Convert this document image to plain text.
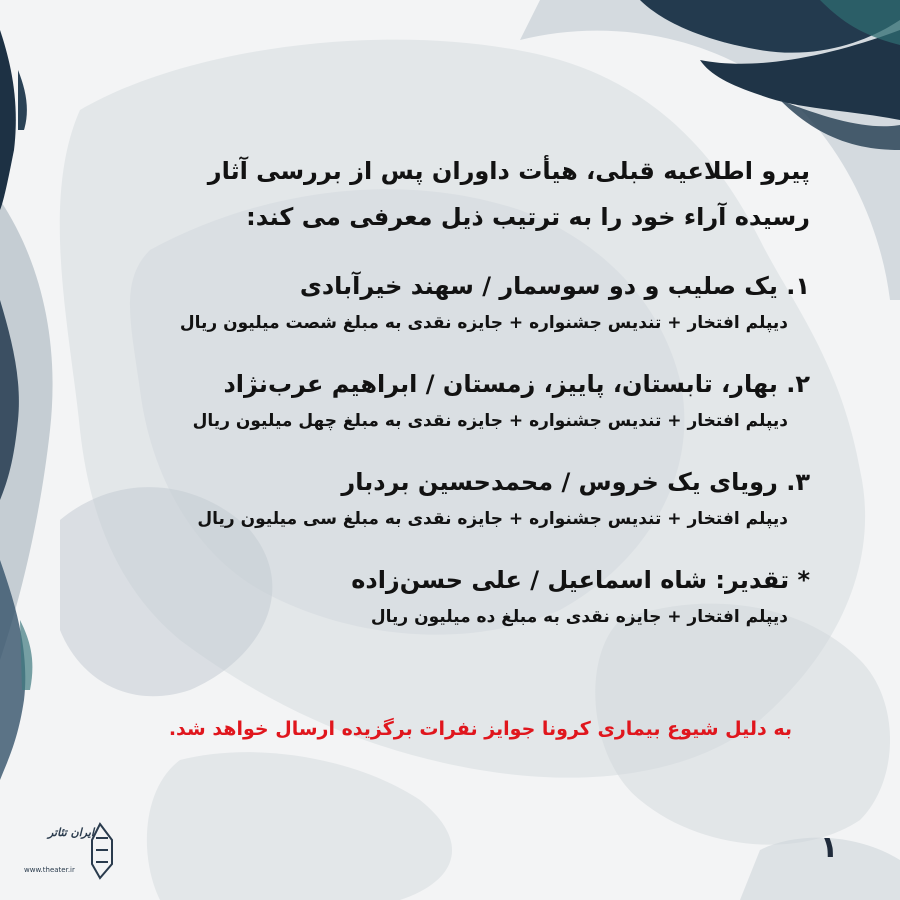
پیرو اطلاعیه قبلی، هیأت داوران پس از بررسی آثار
رسیده آراء خود را به ترتیب ذیل معرفی می کند:

۱. یک صلیب و دو سوسمار / سهند خیرآبادی

دیپلم افتخار + تندیس جشنواره + جایزه نقدی به مبلغ شصت میلیون ریال

۲. بهار، تابستان، پاییز، زمستان / ابراهیم عرب‌نژاد

دیپلم افتخار + تندیس جشنواره + جایزه نقدی به مبلغ چهل میلیون ریال

۳. رویای یک خروس / محمدحسین بردبار

دیپلم افتخار + تندیس جشنواره + جایزه نقدی به مبلغ سی میلیون ریال

* تقدیر: شاه اسماعیل / علی حسن‌زاده

دیپلم افتخار + جایزه نقدی به مبلغ ده میلیون ریال

به دلیل شیوع بیماری کرونا جوایز نفرات برگزیده ارسال خواهد شد.
ایران تئاتر
www.theater.ir
۱
